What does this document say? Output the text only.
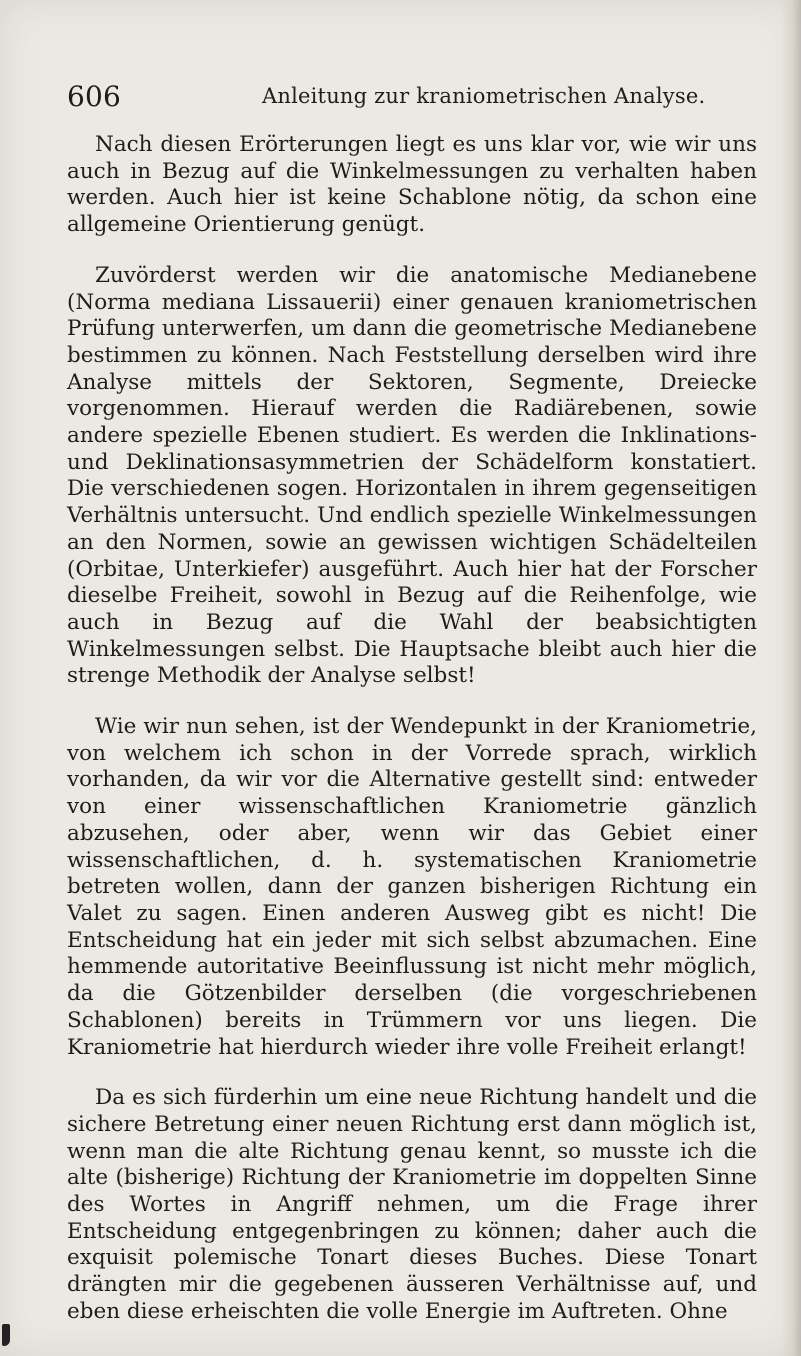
606	Anleitung zur kraniometrischen Analyse.

Nach diesen Erörterungen liegt es uns klar vor, wie wir uns auch in Bezug auf die Winkelmessungen zu verhalten haben werden. Auch hier ist keine Schablone nötig, da schon eine allgemeine Orientierung genügt.

Zuvörderst werden wir die anatomische Medianebene (Norma mediana Lissauerii) einer genauen kraniometrischen Prüfung unterwerfen, um dann die geometrische Medianebene bestimmen zu können. Nach Feststellung derselben wird ihre Analyse mittels der Sektoren, Segmente, Dreiecke vorgenommen. Hierauf werden die Radiärebenen, sowie andere spezielle Ebenen studiert. Es werden die Inklinations- und Deklinationsasymmetrien der Schädelform konstatiert. Die verschiedenen sogen. Horizontalen in ihrem gegenseitigen Verhältnis untersucht. Und endlich spezielle Winkelmessungen an den Normen, sowie an gewissen wichtigen Schädelteilen (Orbitae, Unterkiefer) ausgeführt. Auch hier hat der Forscher dieselbe Freiheit, sowohl in Bezug auf die Reihenfolge, wie auch in Bezug auf die Wahl der beabsichtigten Winkelmessungen selbst. Die Hauptsache bleibt auch hier die strenge Methodik der Analyse selbst!

Wie wir nun sehen, ist der Wendepunkt in der Kraniometrie, von welchem ich schon in der Vorrede sprach, wirklich vorhanden, da wir vor die Alternative gestellt sind: entweder von einer wissenschaftlichen Kraniometrie gänzlich abzusehen, oder aber, wenn wir das Gebiet einer wissenschaftlichen, d. h. systematischen Kraniometrie betreten wollen, dann der ganzen bisherigen Richtung ein Valet zu sagen. Einen anderen Ausweg gibt es nicht! Die Entscheidung hat ein jeder mit sich selbst abzumachen. Eine hemmende autoritative Beeinflussung ist nicht mehr möglich, da die Götzenbilder derselben (die vorgeschriebenen Schablonen) bereits in Trümmern vor uns liegen. Die Kraniometrie hat hierdurch wieder ihre volle Freiheit erlangt!

Da es sich fürderhin um eine neue Richtung handelt und die sichere Betretung einer neuen Richtung erst dann möglich ist, wenn man die alte Richtung genau kennt, so musste ich die alte (bisherige) Richtung der Kraniometrie im doppelten Sinne des Wortes in Angriff nehmen, um die Frage ihrer Entscheidung entgegenbringen zu können; daher auch die exquisit polemische Tonart dieses Buches. Diese Tonart drängten mir die gegebenen äusseren Verhältnisse auf, und eben diese erheischten die volle Energie im Auftreten. Ohne
